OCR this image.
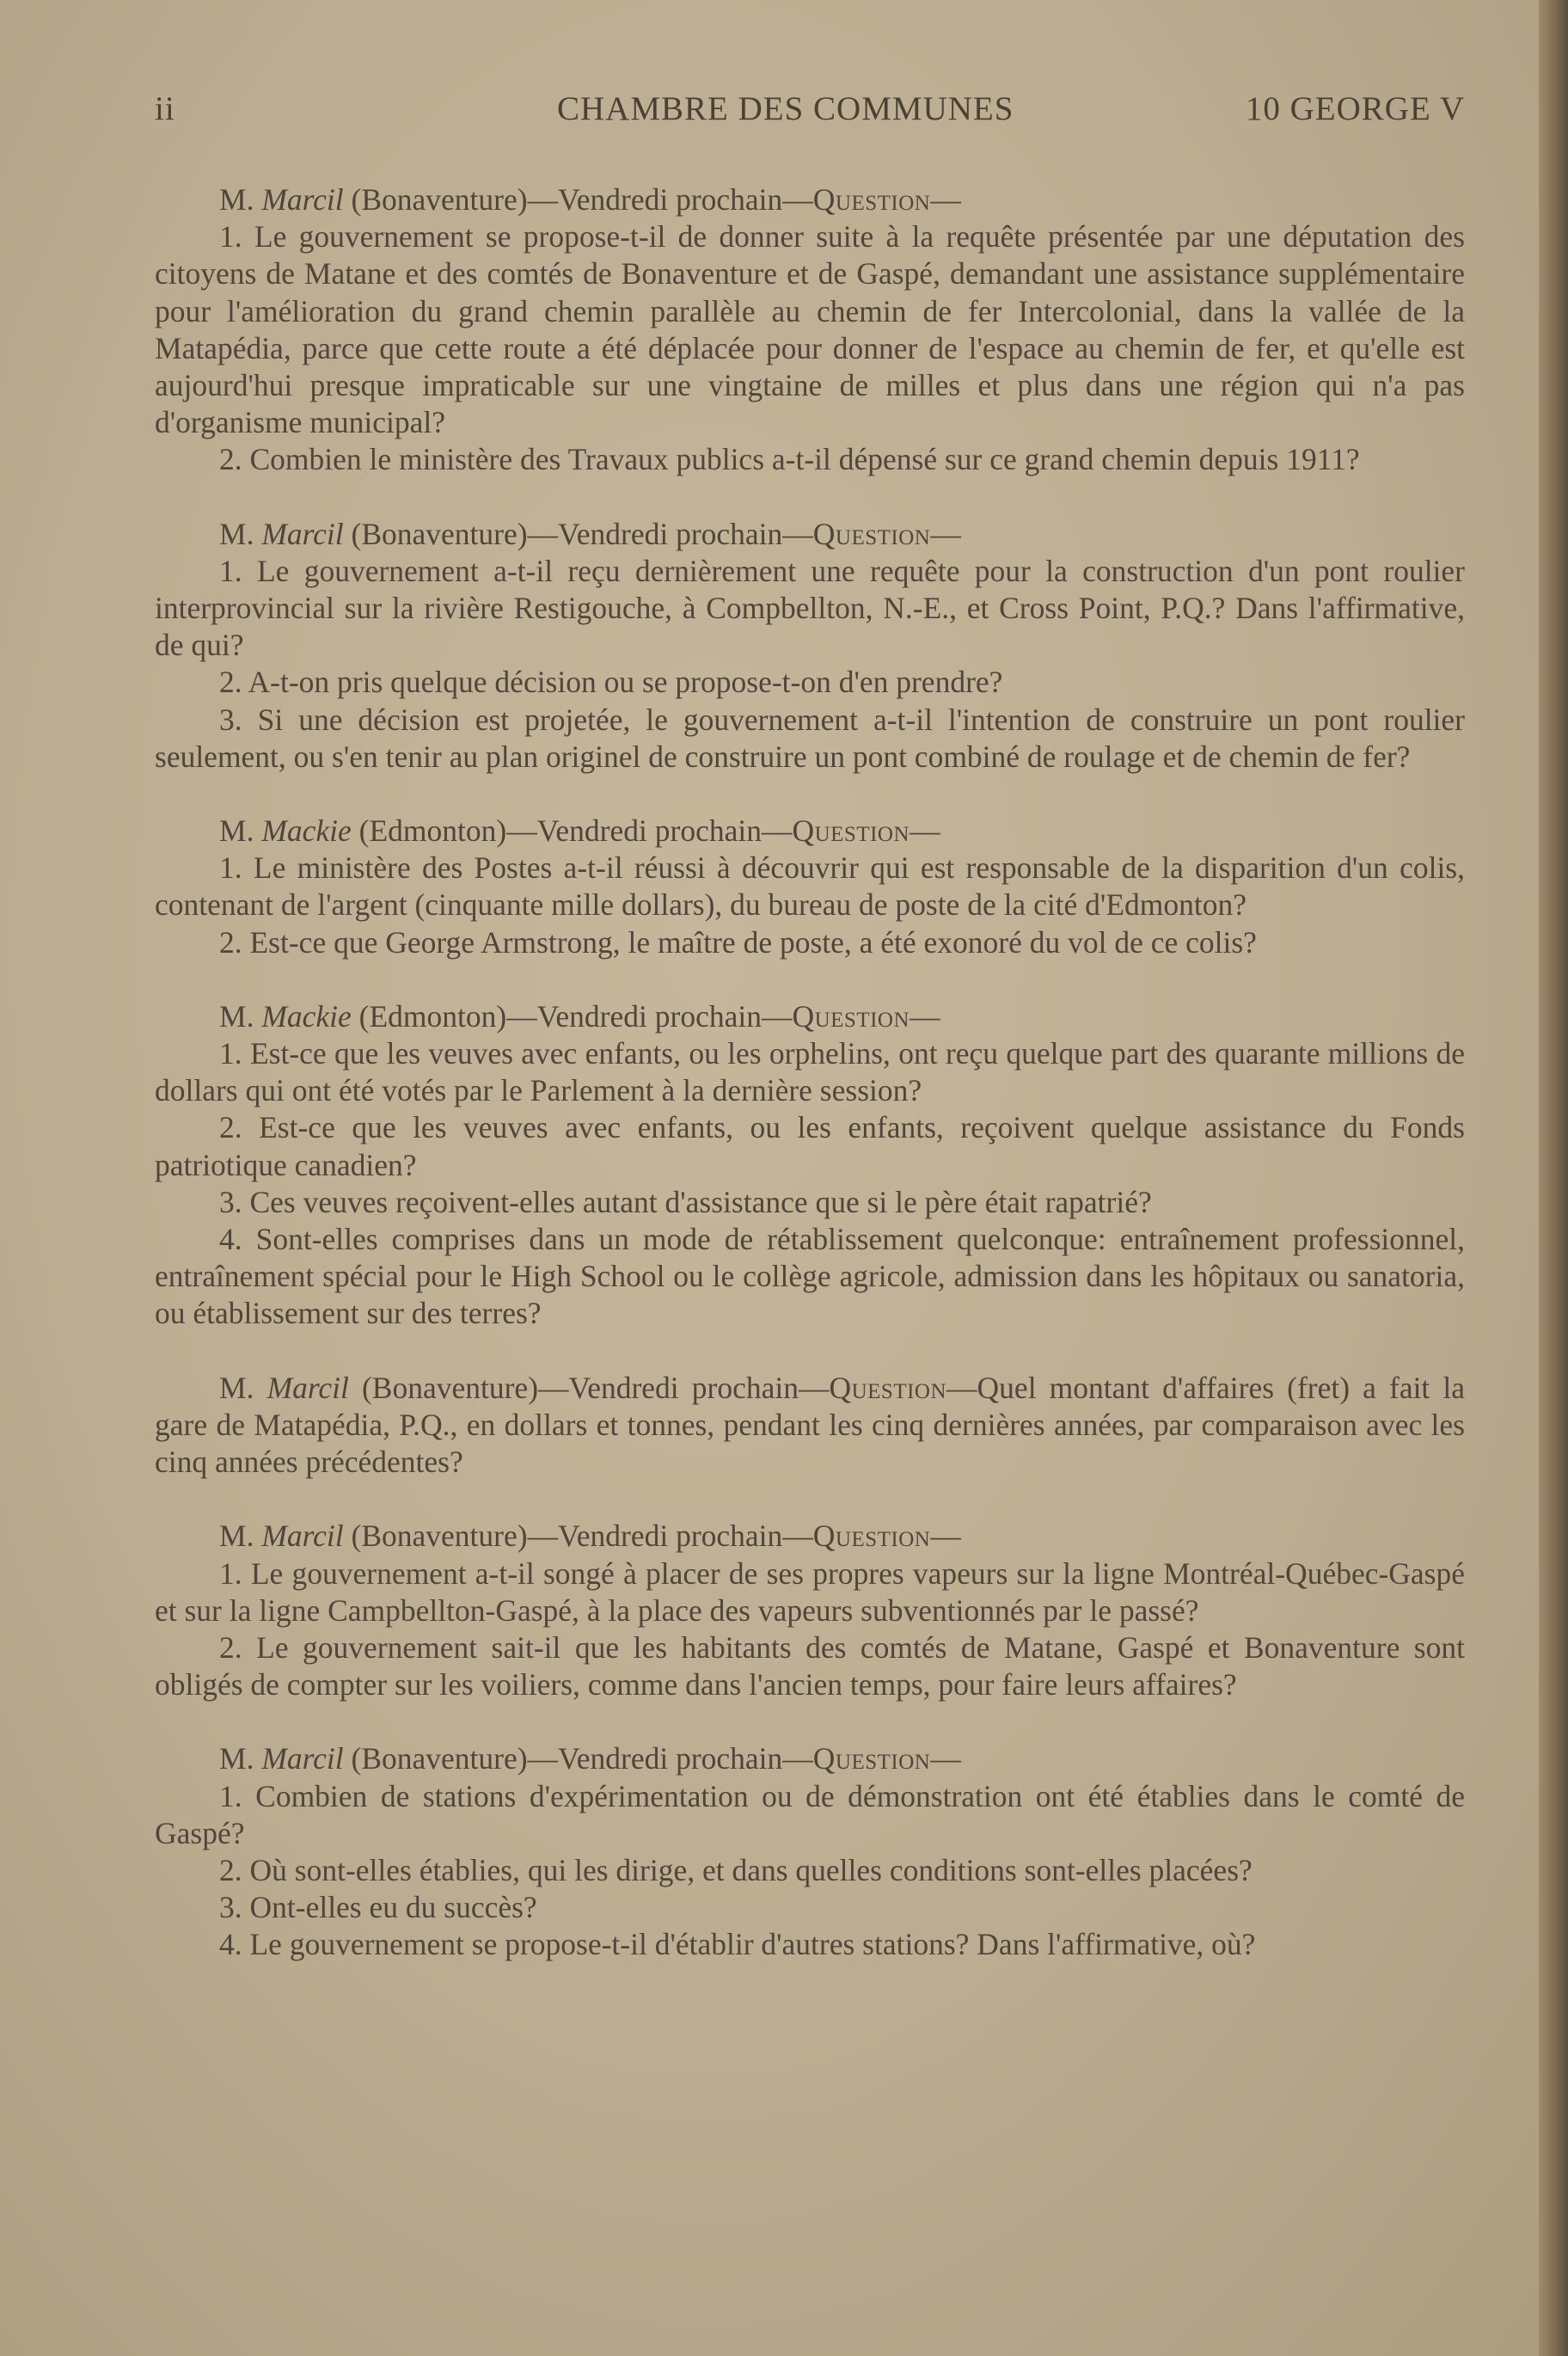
ii	CHAMBRE DES COMMUNES	10 GEORGE V

M. Marcil (Bonaventure)—Vendredi prochain—Question—

1. Le gouvernement se propose-t-il de donner suite à la requête présentée par une députation des citoyens de Matane et des comtés de Bonaventure et de Gaspé, demandant une assistance supplémentaire pour l'amélioration du grand chemin parallèle au chemin de fer Intercolonial, dans la vallée de la Matapédia, parce que cette route a été déplacée pour donner de l'espace au chemin de fer, et qu'elle est aujourd'hui presque impraticable sur une vingtaine de milles et plus dans une région qui n'a pas d'organisme municipal?

2. Combien le ministère des Travaux publics a-t-il dépensé sur ce grand chemin depuis 1911?

M. Marcil (Bonaventure)—Vendredi prochain—Question—

1. Le gouvernement a-t-il reçu dernièrement une requête pour la construction d'un pont roulier interprovincial sur la rivière Restigouche, à Compbellton, N.-E., et Cross Point, P.Q.? Dans l'affirmative, de qui?

2. A-t-on pris quelque décision ou se propose-t-on d'en prendre?

3. Si une décision est projetée, le gouvernement a-t-il l'intention de construire un pont roulier seulement, ou s'en tenir au plan originel de construire un pont combiné de roulage et de chemin de fer?

M. Mackie (Edmonton)—Vendredi prochain—Question—

1. Le ministère des Postes a-t-il réussi à découvrir qui est responsable de la disparition d'un colis, contenant de l'argent (cinquante mille dollars), du bureau de poste de la cité d'Edmonton?

2. Est-ce que George Armstrong, le maître de poste, a été exonoré du vol de ce colis?

M. Mackie (Edmonton)—Vendredi prochain—Question—

1. Est-ce que les veuves avec enfants, ou les orphelins, ont reçu quelque part des quarante millions de dollars qui ont été votés par le Parlement à la dernière session?

2. Est-ce que les veuves avec enfants, ou les enfants, reçoivent quelque assistance du Fonds patriotique canadien?

3. Ces veuves reçoivent-elles autant d'assistance que si le père était rapatrié?

4. Sont-elles comprises dans un mode de rétablissement quelconque: entraînement professionnel, entraînement spécial pour le High School ou le collège agricole, admission dans les hôpitaux ou sanatoria, ou établissement sur des terres?

M. Marcil (Bonaventure)—Vendredi prochain—Question—Quel montant d'affaires (fret) a fait la gare de Matapédia, P.Q., en dollars et tonnes, pendant les cinq dernières années, par comparaison avec les cinq années précédentes?

M. Marcil (Bonaventure)—Vendredi prochain—Question—

1. Le gouvernement a-t-il songé à placer de ses propres vapeurs sur la ligne Montréal-Québec-Gaspé et sur la ligne Campbellton-Gaspé, à la place des vapeurs subventionnés par le passé?

2. Le gouvernement sait-il que les habitants des comtés de Matane, Gaspé et Bonaventure sont obligés de compter sur les voiliers, comme dans l'ancien temps, pour faire leurs affaires?

M. Marcil (Bonaventure)—Vendredi prochain—Question—

1. Combien de stations d'expérimentation ou de démonstration ont été établies dans le comté de Gaspé?

2. Où sont-elles établies, qui les dirige, et dans quelles conditions sont-elles placées?

3. Ont-elles eu du succès?

4. Le gouvernement se propose-t-il d'établir d'autres stations? Dans l'affirmative, où?
